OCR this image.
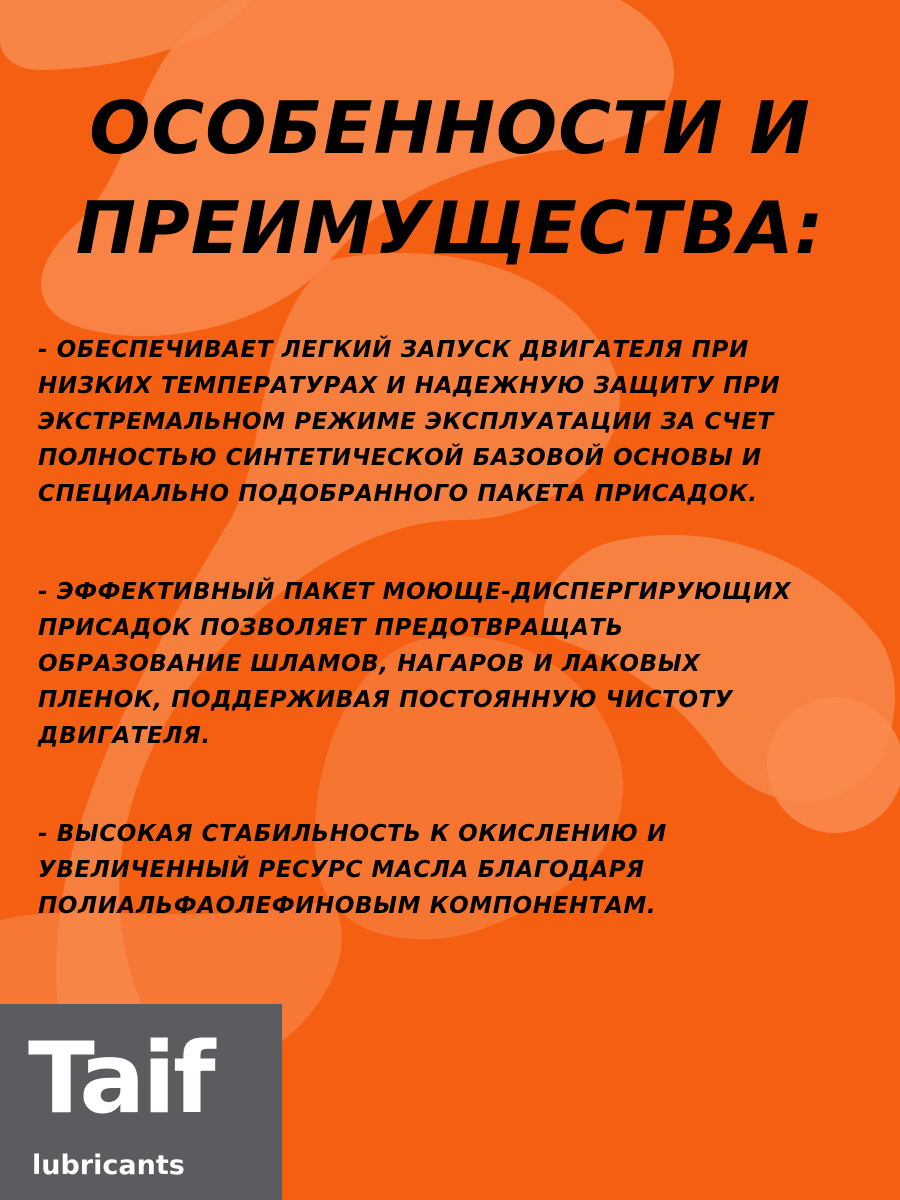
ОСОБЕННОСТИ И
ПРЕИМУЩЕСТВА:
- ОБЕСПЕЧИВАЕТ ЛЕГКИЙ ЗАПУСК ДВИГАТЕЛЯ ПРИ
НИЗКИХ ТЕМПЕРАТУРАХ И НАДЕЖНУЮ ЗАЩИТУ ПРИ
ЭКСТРЕМАЛЬНОМ РЕЖИМЕ ЭКСПЛУАТАЦИИ ЗА СЧЕТ
ПОЛНОСТЬЮ СИНТЕТИЧЕСКОЙ БАЗОВОЙ ОСНОВЫ И
СПЕЦИАЛЬНО ПОДОБРАННОГО ПАКЕТА ПРИСАДОК.
- ЭФФЕКТИВНЫЙ ПАКЕТ МОЮЩЕ-ДИСПЕРГИРУЮЩИХ
ПРИСАДОК ПОЗВОЛЯЕТ ПРЕДОТВРАЩАТЬ
ОБРАЗОВАНИЕ ШЛАМОВ, НАГАРОВ И ЛАКОВЫХ
ПЛЕНОК, ПОДДЕРЖИВАЯ ПОСТОЯННУЮ ЧИСТОТУ
ДВИГАТЕЛЯ.
- ВЫСОКАЯ СТАБИЛЬНОСТЬ К ОКИСЛЕНИЮ И
УВЕЛИЧЕННЫЙ РЕСУРС МАСЛА БЛАГОДАРЯ
ПОЛИАЛЬФАОЛЕФИНОВЫМ КОМПОНЕНТАМ.
Taif
lubricants
